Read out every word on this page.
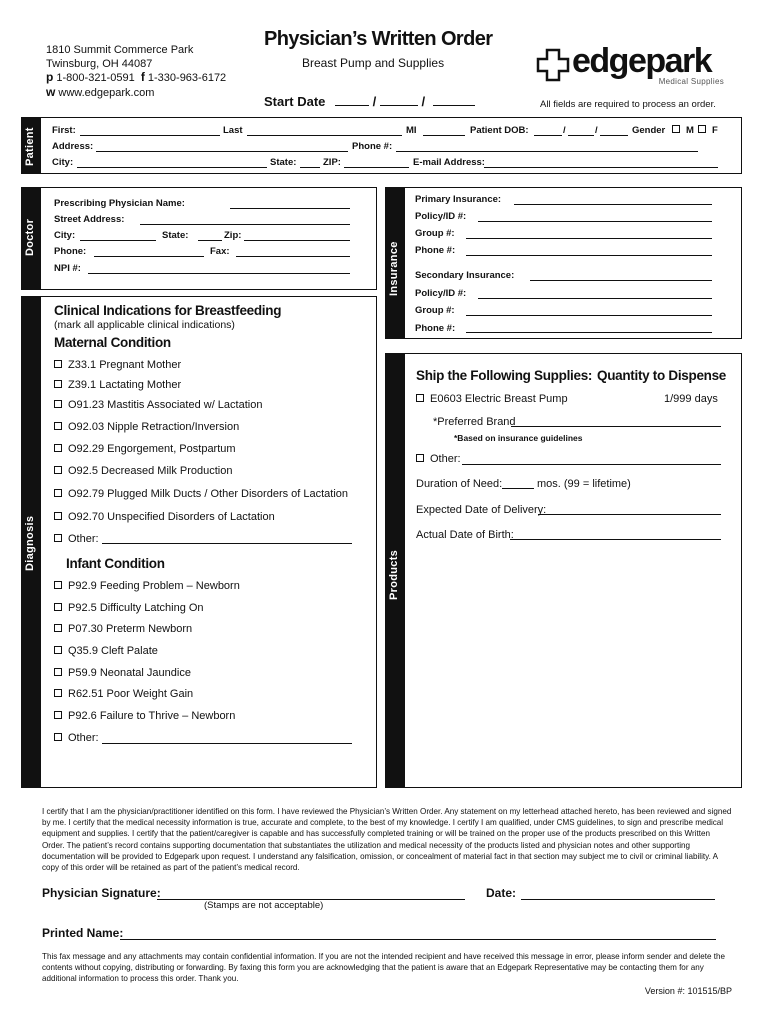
1810 Summit Commerce Park
Twinsburg, OH 44087
p 1-800-321-0591 f 1-330-963-6172
w www.edgepark.com
Physician’s Written Order
Breast Pump and Supplies
Start Date	/	/
edgepark
Medical Supplies
All fields are required to process an order.
Patient First:	Last	MI	Patient DOB:	/	/	Gender	M	F
Address:	Phone #:
City:	State:	ZIP:	E-mail Address:
Doctor
Prescribing Physician Name:
Street Address:
City:	State:	Zip:
Phone:	Fax:
NPI #:	Insurance
Primary Insurance:
Policy/ID #:
Group #:
Phone #:
Secondary Insurance:
Policy/ID #:
Group #:
Phone #:
Diagnosis
Clinical Indications for Breastfeeding
(mark all applicable clinical indications)
Maternal Condition
Z33.1 Pregnant Mother
Z39.1 Lactating Mother
O91.23 Mastitis Associated w/ Lactation
O92.03 Nipple Retraction/Inversion
O92.29 Engorgement, Postpartum
O92.5 Decreased Milk Production
O92.79 Plugged Milk Ducts / Other Disorders of Lactation
O92.70 Unspecified Disorders of Lactation
Other:
Infant Condition
P92.9 Feeding Problem – Newborn
P92.5 Difficulty Latching On
P07.30 Preterm Newborn
Q35.9 Cleft Palate
P59.9 Neonatal Jaundice
R62.51 Poor Weight Gain
P92.6 Failure to Thrive – Newborn
Other:
Products
Ship the Following Supplies: Quantity to Dispense
E0603 Electric Breast Pump	1/999 days
*Preferred Brand
*Based on insurance guidelines
Other:
Duration of Need:	mos. (99 = lifetime)
Expected Date of Delivery:
Actual Date of Birth:
I certify that I am the physician/practitioner identified on this form. I have reviewed the Physician’s Written Order. Any statement on my letterhead attached hereto, has been reviewed and signed by me. I certify that the medical necessity information is true, accurate and complete, to the best of my knowledge. I certify I am qualified, under CMS guidelines, to sign and prescribe medical equipment and supplies. I certify that the patient/caregiver is capable and has successfully completed training or will be trained on the proper use of the products prescribed on this Written Order. The patient’s record contains supporting documentation that substantiates the utilization and medical necessity of the products listed and physician notes and other supporting documentation will be provided to Edgepark upon request. I understand any falsification, omission, or concealment of material fact in that section may subject me to civil or criminal liability. A copy of this order will be retained as part of the patient’s medical record.
Physician Signature:
(Stamps are not acceptable)
Date:
Printed Name:
This fax message and any attachments may contain confidential information. If you are not the intended recipient and have received this message in error, please inform sender and delete the contents without copying, distributing or forwarding. By faxing this form you are acknowledging that the patient is aware that an Edgepark Representative may be contacting them for any additional information to process this order. Thank you.
Version #: 101515/BP
